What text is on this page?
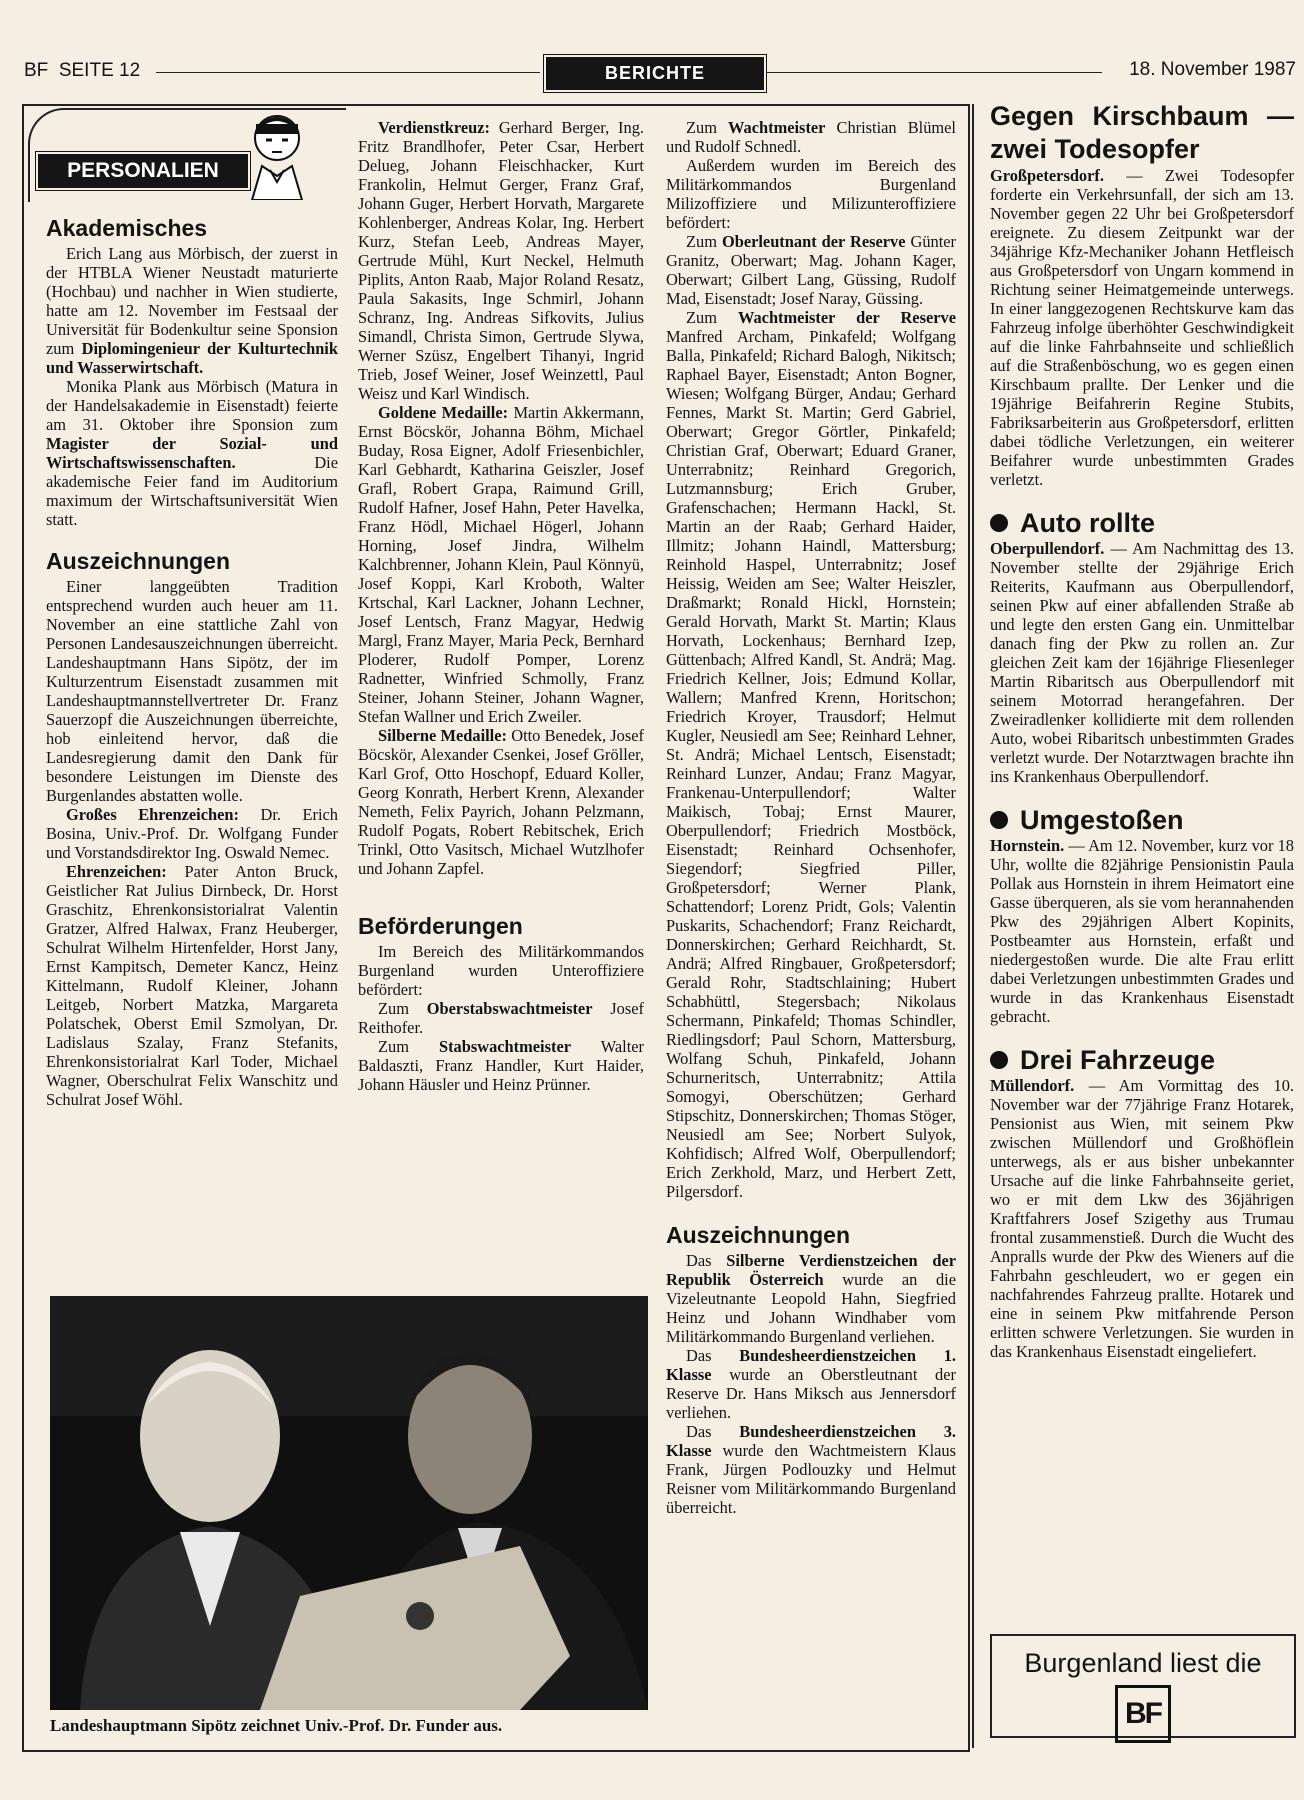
BF  SEITE 12	BERICHTE	18. November 1987
PERSONALIEN
Akademisches

Erich Lang aus Mörbisch, der zuerst in der HTBLA Wiener Neustadt maturierte (Hochbau) und nachher in Wien studierte, hatte am 12. November im Festsaal der Universität für Bodenkultur seine Sponsion zum Diplomingenieur der Kulturtechnik und Wasserwirtschaft.

Monika Plank aus Mörbisch (Matura in der Handelsakademie in Eisenstadt) feierte am 31. Oktober ihre Sponsion zum Magister der Sozial- und Wirtschaftswissenschaften.	Die akademische Feier fand im Auditorium maximum der Wirtschaftsuniversität Wien statt.

Auszeichnungen

Einer langgeübten Tradition entsprechend wurden auch heuer am 11. November an eine stattliche Zahl von Personen Landesauszeichnungen überreicht. Landeshauptmann Hans Sipötz, der im Kulturzentrum Eisenstadt zusammen mit Landeshauptmannstellvertreter Dr. Franz Sauerzopf die Auszeichnungen überreichte, hob einleitend hervor, daß die Landesregierung damit den Dank für besondere Leistungen im Dienste des Burgenlandes abstatten wolle.

Großes Ehrenzeichen: Dr. Erich Bosina, Univ.-Prof. Dr. Wolfgang Funder und Vorstandsdirektor Ing. Oswald Nemec.

Ehrenzeichen: Pater Anton Bruck, Geistlicher Rat Julius Dirnbeck, Dr. Horst Graschitz, Ehrenkonsistorialrat Valentin Gratzer, Alfred Halwax, Franz Heuberger, Schulrat Wilhelm Hirtenfelder, Horst Jany, Ernst Kampitsch, Demeter Kancz, Heinz Kittelmann, Rudolf Kleiner, Johann Leitgeb, Norbert Matzka, Margareta Polatschek, Oberst Emil Szmolyan, Dr. Ladislaus Szalay, Franz Stefanits, Ehrenkonsistorialrat Karl Toder, Michael Wagner, Oberschulrat Felix Wanschitz und Schulrat Josef Wöhl.

Verdienstkreuz: Gerhard Berger, Ing. Fritz Brandlhofer, Peter Csar, Herbert Delueg, Johann Fleischhacker, Kurt Frankolin, Helmut Gerger, Franz Graf, Johann Guger, Herbert Horvath, Margarete Kohlenberger, Andreas Kolar, Ing. Herbert Kurz, Stefan Leeb, Andreas Mayer, Gertrude Mühl, Kurt Neckel, Helmuth Piplits, Anton Raab, Major Roland Resatz, Paula Sakasits, Inge Schmirl, Johann Schranz, Ing. Andreas Sifkovits, Julius Simandl, Christa Simon, Gertrude Slywa, Werner Szüsz, Engelbert Tihanyi, Ingrid Trieb, Josef Weiner, Josef Weinzettl, Paul Weisz und Karl Windisch.

Goldene Medaille: Martin Akkermann, Ernst Böcskör, Johanna Böhm, Michael Buday, Rosa Eigner, Adolf Friesenbichler, Karl Gebhardt, Katharina Geiszler, Josef Grafl, Robert Grapa, Raimund Grill, Rudolf Hafner, Josef Hahn, Peter Havelka, Franz Hödl, Michael Högerl, Johann Horning, Josef Jindra, Wilhelm Kalchbrenner, Johann Klein, Paul Könnyü, Josef Koppi, Karl Kroboth, Walter Krtschal, Karl Lackner, Johann Lechner, Josef Lentsch, Franz Magyar, Hedwig Margl, Franz Mayer, Maria Peck, Bernhard Ploderer, Rudolf Pomper, Lorenz Radnetter, Winfried Schmolly, Franz Steiner, Johann Steiner, Johann Wagner, Stefan Wallner und Erich Zweiler.

Silberne Medaille: Otto Benedek, Josef Böcskör, Alexander Csenkei, Josef Gröller, Karl Grof, Otto Hoschopf, Eduard Koller, Georg Konrath, Herbert Krenn, Alexander Nemeth, Felix Payrich, Johann Pelzmann, Rudolf Pogats, Robert Rebitschek, Erich Trinkl, Otto Vasitsch, Michael Wutzlhofer und Johann Zapfel.

Beförderungen

Im Bereich des Militärkommandos Burgenland wurden Unteroffiziere befördert:

Zum Oberstabswachtmeister Josef Reithofer.

Zum Stabswachtmeister Walter Baldaszti, Franz Handler, Kurt Haider, Johann Häusler und Heinz Prünner.

Zum Wachtmeister Christian Blümel und Rudolf Schnedl.

Außerdem wurden im Bereich des Militärkommandos Burgenland Milizoffiziere und Milizunteroffiziere befördert:

Zum Oberleutnant der Reserve Günter Granitz, Oberwart; Mag. Johann Kager, Oberwart; Gilbert Lang, Güssing, Rudolf Mad, Eisenstadt; Josef Naray, Güssing.

Zum Wachtmeister der Reserve Manfred Archam, Pinkafeld; Wolfgang Balla, Pinkafeld; Richard Balogh, Nikitsch; Raphael Bayer, Eisenstadt; Anton Bogner, Wiesen; Wolfgang Bürger, Andau; Gerhard Fennes, Markt St. Martin; Gerd Gabriel, Oberwart; Gregor Görtler, Pinkafeld; Christian Graf, Oberwart; Eduard Graner, Unterrabnitz; Reinhard Gregorich, Lutzmannsburg; Erich Gruber, Grafenschachen; Hermann Hackl, St. Martin an der Raab; Gerhard Haider, Illmitz; Johann Haindl, Mattersburg; Reinhold Haspel, Unterrabnitz; Josef Heissig, Weiden am See; Walter Heiszler, Draßmarkt; Ronald Hickl, Hornstein; Gerald Horvath, Markt St. Martin; Klaus Horvath, Lockenhaus; Bernhard Izep, Güttenbach; Alfred Kandl, St. Andrä; Mag. Friedrich Kellner, Jois; Edmund Kollar, Wallern; Manfred Krenn, Horitschon; Friedrich Kroyer, Trausdorf; Helmut Kugler, Neusiedl am See; Reinhard Lehner, St. Andrä; Michael Lentsch, Eisenstadt; Reinhard Lunzer, Andau; Franz Magyar, Frankenau-Unterpullendorf; Walter Maikisch, Tobaj; Ernst Maurer, Oberpullendorf; Friedrich Mostböck, Eisenstadt; Reinhard Ochsenhofer, Siegendorf; Siegfried Piller, Großpetersdorf; Werner Plank, Schattendorf; Lorenz Pridt, Gols; Valentin Puskarits, Schachendorf; Franz Reichardt, Donnerskirchen; Gerhard Reichhardt, St. Andrä; Alfred Ringbauer, Großpetersdorf; Gerald Rohr, Stadtschlaining; Hubert Schabhüttl, Stegersbach; Nikolaus Schermann, Pinkafeld; Thomas Schindler, Riedlingsdorf; Paul Schorn, Mattersburg, Wolfang Schuh, Pinkafeld, Johann Schurneritsch, Unterrabnitz; Attila Somogyi, Oberschützen; Gerhard Stipschitz, Donnerskirchen; Thomas Stöger, Neusiedl am See; Norbert Sulyok, Kohfidisch; Alfred Wolf, Oberpullendorf; Erich Zerkhold, Marz, und Herbert Zett, Pilgersdorf.

Auszeichnungen

Das Silberne Verdienstzeichen der Republik Österreich wurde an die Vizeleutnante Leopold Hahn, Siegfried Heinz und Johann Windhaber vom Militärkommando Burgenland verliehen.

Das Bundesheerdienstzeichen 1. Klasse wurde an Oberstleutnant der Reserve Dr. Hans Miksch aus Jennersdorf verliehen.

Das Bundesheerdienstzeichen 3. Klasse wurde den Wachtmeistern Klaus Frank, Jürgen Podlouzky und Helmut Reisner vom Militärkommando Burgenland überreicht.

Landeshauptmann Sipötz zeichnet Univ.-Prof. Dr. Funder aus.
Gegen Kirschbaum — zwei Todesopfer

Großpetersdorf. — Zwei Todesopfer forderte ein Verkehrsunfall, der sich am 13. November gegen 22 Uhr bei Großpetersdorf ereignete. Zu diesem Zeitpunkt war der 34jährige Kfz-Mechaniker Johann Hetfleisch aus Großpetersdorf von Ungarn kommend in Richtung seiner Heimatgemeinde unterwegs. In einer langgezogenen Rechtskurve kam das Fahrzeug infolge überhöhter Geschwindigkeit auf die linke Fahrbahnseite und schließlich auf die Straßenböschung, wo es gegen einen Kirschbaum prallte. Der Lenker und die 19jährige Beifahrerin Regine Stubits, Fabriksarbeiterin aus Großpetersdorf, erlitten dabei tödliche Verletzungen, ein weiterer Beifahrer wurde unbestimmten Grades verletzt.

Auto rollte

Oberpullendorf. — Am Nachmittag des 13. November stellte der 29jährige Erich Reiterits, Kaufmann aus Oberpullendorf, seinen Pkw auf einer abfallenden Straße ab und legte den ersten Gang ein. Unmittelbar danach fing der Pkw zu rollen an. Zur gleichen Zeit kam der 16jährige Fliesenleger Martin Ribaritsch aus Oberpullendorf mit seinem Motorrad herangefahren. Der Zweiradlenker kollidierte mit dem rollenden Auto, wobei Ribaritsch unbestimmten Grades verletzt wurde. Der Notarztwagen brachte ihn ins Krankenhaus Oberpullendorf.

Umgestoßen

Hornstein. — Am 12. November, kurz vor 18 Uhr, wollte die 82jährige Pensionistin Paula Pollak aus Hornstein in ihrem Heimatort eine Gasse überqueren, als sie vom herannahenden Pkw des 29jährigen Albert Kopinits, Postbeamter aus Hornstein, erfaßt und niedergestoßen wurde. Die alte Frau erlitt dabei Verletzungen unbestimmten Grades und wurde in das Krankenhaus Eisenstadt gebracht.

Drei Fahrzeuge

Müllendorf. — Am Vormittag des 10. November war der 77jährige Franz Hotarek, Pensionist aus Wien, mit seinem Pkw zwischen Müllendorf und Großhöflein unterwegs, als er aus bisher unbekannter Ursache auf die linke Fahrbahnseite geriet, wo er mit dem Lkw des 36jährigen Kraftfahrers Josef Szigethy aus Trumau frontal zusammenstieß. Durch die Wucht des Anpralls wurde der Pkw des Wieners auf die Fahrbahn geschleudert, wo er gegen ein nachfahrendes Fahrzeug prallte. Hotarek und eine in seinem Pkw mitfahrende Person erlitten schwere Verletzungen. Sie wurden in das Krankenhaus Eisenstadt eingeliefert.

Burgenland liest die
BF
